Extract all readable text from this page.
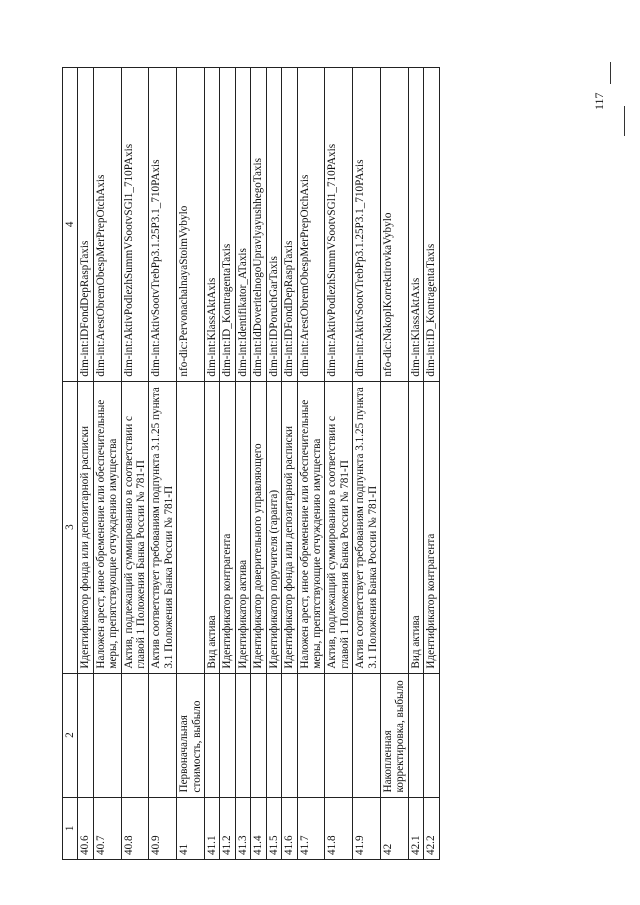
1	2	3	4
40.6		Идентификатор фонда или депозитарной расписки	dim-int:IDFondDepRaspTaxis
40.7		Наложен арест, иное обременение или обеспечительные меры, препятствующие отчуждению имущества	dim-int:ArestObremObespMerPrepOtchAxis
40.8		Актив, подлежащий суммированию в соответствии с главой 1 Положения Банка России № 781-П	dim-int:AktivPodlezhSummVSootvSGl1_710PAxis
40.9		Актив соответствует требованиям подпункта 3.1.25 пункта 3.1 Положения Банка России № 781-П	dim-int:AktivSootvTrebPp3.1.25P3.1_710PAxis
41	Первоначальная стоимость, выбыло		nfo-dic:PervonachalnayaStoimVybylo
41.1		Вид актива	dim-int:KlassAktAxis
41.2		Идентификатор контрагента	dim-int:ID_KontragentaTaxis
41.3		Идентификатор актива	dim-int:Identifikator_ATaxis
41.4		Идентификатор доверительного управляющего	dim-int:IdDoveritelnogoUpravlyayushhegoTaxis
41.5		Идентификатор поручителя (гаранта)	dim-int:IDPoruchGarTaxis
41.6		Идентификатор фонда или депозитарной расписки	dim-int:IDFondDepRaspTaxis
41.7		Наложен арест, иное обременение или обеспечительные меры, препятствующие отчуждению имущества	dim-int:ArestObremObespMerPrepOtchAxis
41.8		Актив, подлежащий суммированию в соответствии с главой 1 Положения Банка России № 781-П	dim-int:AktivPodlezhSummVSootvSGl1_710PAxis
41.9		Актив соответствует требованиям подпункта 3.1.25 пункта 3.1 Положения Банка России № 781-П	dim-int:AktivSootvTrebPp3.1.25P3.1_710PAxis
42	Накопленная корректировка, выбыло		nfo-dic:NakoplKorrektirovkaVybylo
42.1		Вид актива	dim-int:KlassAktAxis
42.2		Идентификатор контрагента	dim-int:ID_KontragentaTaxis
117
